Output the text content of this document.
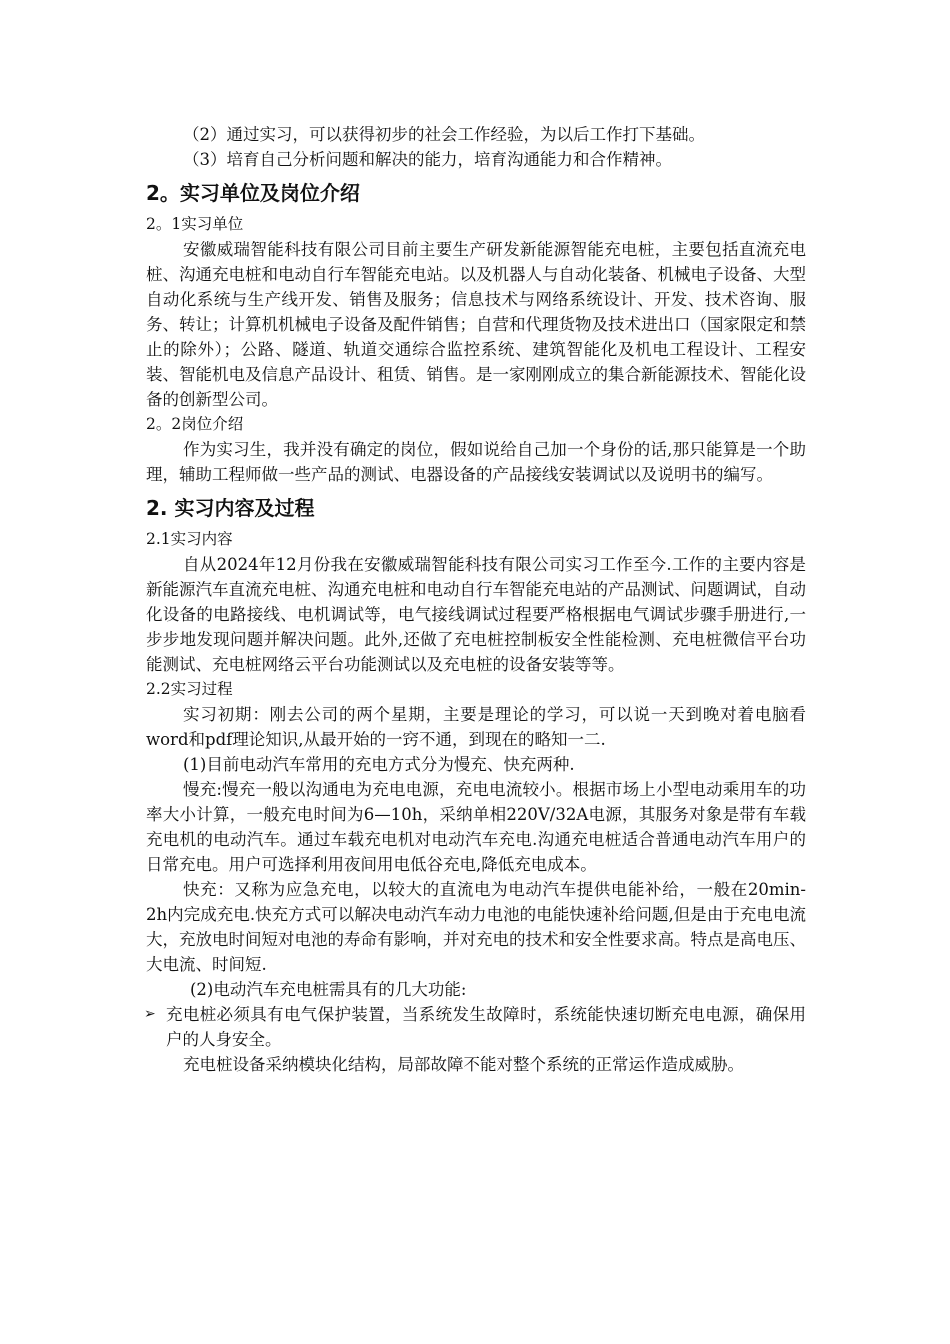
（2）通过实习，可以获得初步的社会工作经验，为以后工作打下基础。

（3）培育自己分析问题和解决的能力，培育沟通能力和合作精神。

2。实习单位及岗位介绍

2。1实习单位

安徽威瑞智能科技有限公司目前主要生产研发新能源智能充电桩，主要包括直流充电桩、沟通充电桩和电动自行车智能充电站。以及机器人与自动化装备、机械电子设备、大型自动化系统与生产线开发、销售及服务；信息技术与网络系统设计、开发、技术咨询、服务、转让；计算机机械电子设备及配件销售；自营和代理货物及技术进出口（国家限定和禁止的除外）；公路、隧道、轨道交通综合监控系统、建筑智能化及机电工程设计、工程安装、智能机电及信息产品设计、租赁、销售。是一家刚刚成立的集合新能源技术、智能化设备的创新型公司。

2。2岗位介绍

作为实习生，我并没有确定的岗位，假如说给自己加一个身份的话,那只能算是一个助理，辅助工程师做一些产品的测试、电器设备的产品接线安装调试以及说明书的编写。

2. 实习内容及过程

2.1实习内容

自从2024年12月份我在安徽威瑞智能科技有限公司实习工作至今.工作的主要内容是新能源汽车直流充电桩、沟通充电桩和电动自行车智能充电站的产品测试、问题调试，自动化设备的电路接线、电机调试等，电气接线调试过程要严格根据电气调试步骤手册进行,一步步地发现问题并解决问题。此外,还做了充电桩控制板安全性能检测、充电桩微信平台功能测试、充电桩网络云平台功能测试以及充电桩的设备安装等等。

2.2实习过程

实习初期：刚去公司的两个星期，主要是理论的学习，可以说一天到晚对着电脑看word和pdf理论知识,从最开始的一窍不通，到现在的略知一二.

(1)目前电动汽车常用的充电方式分为慢充、快充两种.

慢充:慢充一般以沟通电为充电电源，充电电流较小。根据市场上小型电动乘用车的功率大小计算，一般充电时间为6—10h，采纳单相220V/32A电源，其服务对象是带有车载充电机的电动汽车。通过车载充电机对电动汽车充电.沟通充电桩适合普通电动汽车用户的日常充电。用户可选择利用夜间用电低谷充电,降低充电成本。

快充：又称为应急充电，以较大的直流电为电动汽车提供电能补给，一般在20min-2h内完成充电.快充方式可以解决电动汽车动力电池的电能快速补给问题,但是由于充电电流大，充放电时间短对电池的寿命有影响，并对充电的技术和安全性要求高。特点是高电压、大电流、时间短.

(2)电动汽车充电桩需具有的几大功能:

➢ 充电桩必须具有电气保护装置，当系统发生故障时，系统能快速切断充电电源，确保用户的人身安全。

充电桩设备采纳模块化结构，局部故障不能对整个系统的正常运作造成威胁。
